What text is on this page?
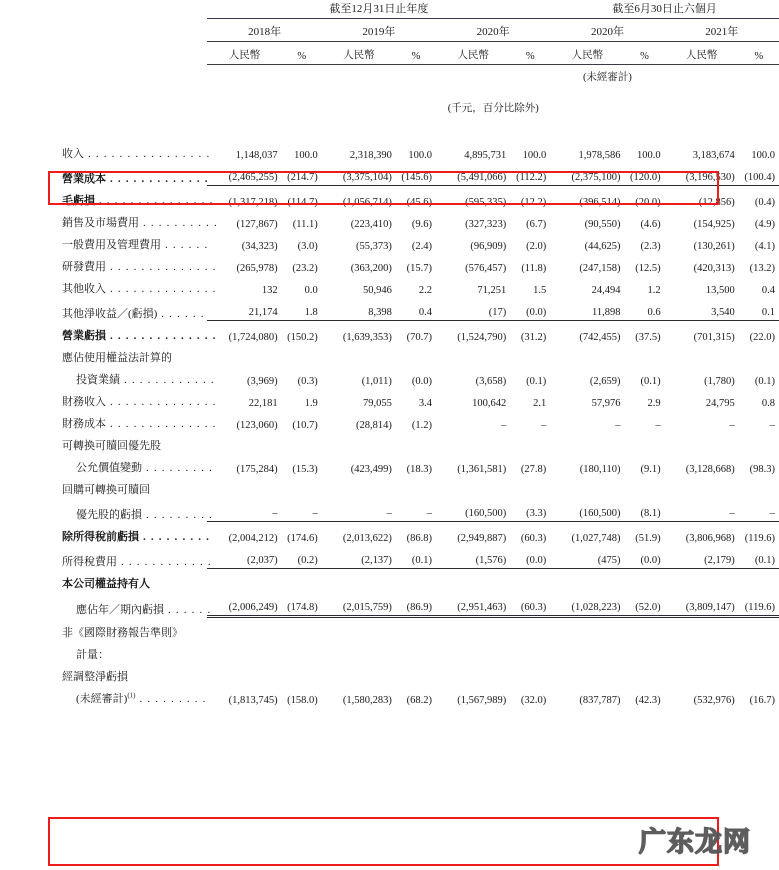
	截至12月31日止年度						截至6月30日止六個月			
	2018年		2019年		2020年		2020年		2021年	
	人民幣	%	人民幣	%	人民幣	%	人民幣	%	人民幣	%
							(未經審計)			
	(千元，百分比除外)									

收入 . . . . . . . . . . . . . . . .	1,148,037	100.0	2,318,390	100.0	4,895,731	100.0	1,978,586	100.0	3,183,674	100.0
營業成本 . . . . . . . . . . . . .	(2,465,255)	(214.7)	(3,375,104)	(145.6)	(5,491,066)	(112.2)	(2,375,100)	(120.0)	(3,196,530)	(100.4)
毛虧損 . . . . . . . . . . . . . . .	(1,317,218)	(114.7)	(1,056,714)	(45.6)	(595,335)	(12.2)	(396,514)	(20.0)	(12,856)	(0.4)
銷售及市場費用 . . . . . . . . . .	(127,867)	(11.1)	(223,410)	(9.6)	(327,323)	(6.7)	(90,550)	(4.6)	(154,925)	(4.9)
一般費用及管理費用 . . . . . .	(34,323)	(3.0)	(55,373)	(2.4)	(96,909)	(2.0)	(44,625)	(2.3)	(130,261)	(4.1)
研發費用 . . . . . . . . . . . . . .	(265,978)	(23.2)	(363,200)	(15.7)	(576,457)	(11.8)	(247,158)	(12.5)	(420,313)	(13.2)
其他收入 . . . . . . . . . . . . . .	132	0.0	50,946	2.2	71,251	1.5	24,494	1.2	13,500	0.4
其他淨收益／(虧損) . . . . . .	21,174	1.8	8,398	0.4	(17)	(0.0)	11,898	0.6	3,540	0.1
營業虧損 . . . . . . . . . . . . . .	(1,724,080)	(150.2)	(1,639,353)	(70.7)	(1,524,790)	(31.2)	(742,455)	(37.5)	(701,315)	(22.0)
應佔使用權益法計算的										
投資業績 . . . . . . . . . . . .	(3,969)	(0.3)	(1,011)	(0.0)	(3,658)	(0.1)	(2,659)	(0.1)	(1,780)	(0.1)
財務收入 . . . . . . . . . . . . . .	22,181	1.9	79,055	3.4	100,642	2.1	57,976	2.9	24,795	0.8
財務成本 . . . . . . . . . . . . . .	(123,060)	(10.7)	(28,814)	(1.2)	–	–	–	–	–	–
可轉換可贖回優先股										
公允價值變動 . . . . . . . . .	(175,284)	(15.3)	(423,499)	(18.3)	(1,361,581)	(27.8)	(180,110)	(9.1)	(3,128,668)	(98.3)
回購可轉換可贖回										
優先股的虧損 . . . . . . . . .	–	–	–	–	(160,500)	(3.3)	(160,500)	(8.1)	–	–
除所得稅前虧損 . . . . . . . . .	(2,004,212)	(174.6)	(2,013,622)	(86.8)	(2,949,887)	(60.3)	(1,027,748)	(51.9)	(3,806,968)	(119.6)
所得稅費用 . . . . . . . . . . . .	(2,037)	(0.2)	(2,137)	(0.1)	(1,576)	(0.0)	(475)	(0.0)	(2,179)	(0.1)
本公司權益持有人										
應佔年／期內虧損 . . . . . .	(2,006,249)	(174.8)	(2,015,759)	(86.9)	(2,951,463)	(60.3)	(1,028,223)	(52.0)	(3,809,147)	(119.6)
非《國際財務報告準則》										
計量：										
經調整淨虧損										
(未經審計)$^{(1)}$ . . . . . . . . .	(1,813,745)	(158.0)	(1,580,283)	(68.2)	(1,567,989)	(32.0)	(837,787)	(42.3)	(532,976)	(16.7)
广东龙网
